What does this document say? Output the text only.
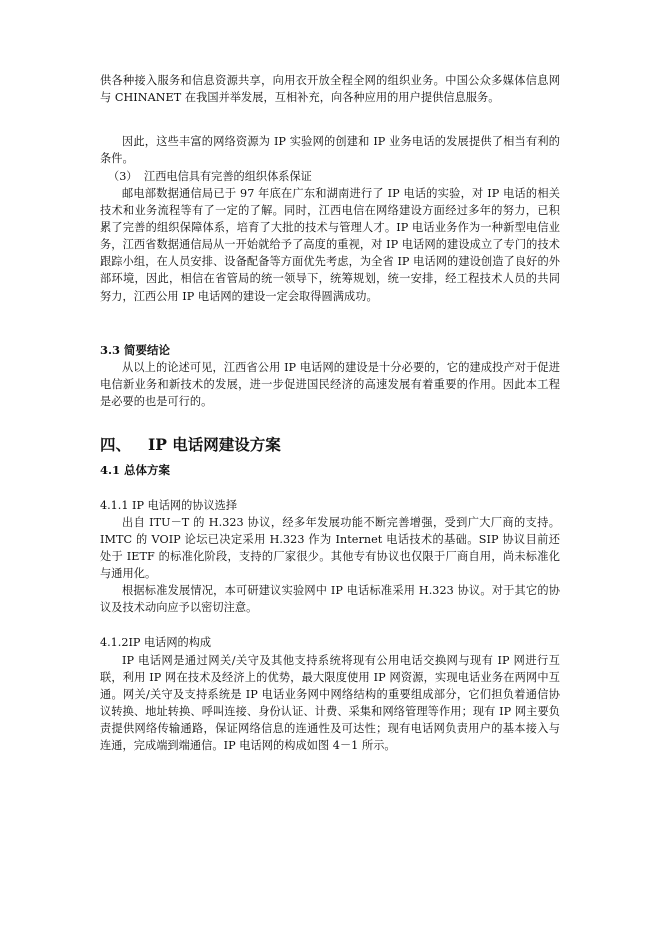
供各种接入服务和信息资源共享，向用衣开放全程全网的组织业务。中国公众多媒体信息网与 CHINANET 在我国并举发展，互相补充，向各种应用的用户提供信息服务。

因此，这些丰富的网络资源为 IP 实验网的创建和 IP 业务电话的发展提供了相当有利的条件。

（3） 江西电信具有完善的组织体系保证

邮电部数据通信局已于 97 年底在广东和湖南进行了 IP 电话的实验，对 IP 电话的相关技术和业务流程等有了一定的了解。同时，江西电信在网络建设方面经过多年的努力，已积累了完善的组织保障体系，培育了大批的技术与管理人才。IP 电话业务作为一种新型电信业务，江西省数据通信局从一开始就给予了高度的重视，对 IP 电话网的建设成立了专门的技术跟踪小组，在人员安排、设备配备等方面优先考虑，为全省 IP 电话网的建设创造了良好的外部环境，因此，相信在省管局的统一领导下，统筹规划，统一安排，经工程技术人员的共同努力，江西公用 IP 电话网的建设一定会取得圆满成功。

3.3 简要结论

从以上的论述可见，江西省公用 IP 电话网的建设是十分必要的，它的建成投产对于促进电信新业务和新技术的发展，进一步促进国民经济的高速发展有着重要的作用。因此本工程是必要的也是可行的。

四、 IP 电话网建设方案

4.1 总体方案

4.1.1 IP 电话网的协议选择

出自 ITU－T 的 H.323 协议，经多年发展功能不断完善增强，受到广大厂商的支持。IMTC 的 VOIP 论坛已决定采用 H.323 作为 Internet 电话技术的基础。SIP 协议目前还处于 IETF 的标准化阶段，支持的厂家很少。其他专有协议也仅限于厂商自用，尚未标准化与通用化。

根据标准发展情况，本可研建议实验网中 IP 电话标准采用 H.323 协议。对于其它的协议及技术动向应予以密切注意。

4.1.2IP 电话网的构成

IP 电话网是通过网关/关守及其他支持系统将现有公用电话交换网与现有 IP 网进行互联，利用 IP 网在技术及经济上的优势，最大限度使用 IP 网资源，实现电话业务在两网中互通。网关/关守及支持系统是 IP 电话业务网中网络结构的重要组成部分，它们担负着通信协议转换、地址转换、呼叫连接、身份认证、计费、采集和网络管理等作用；现有 IP 网主要负责提供网络传输通路，保证网络信息的连通性及可达性；现有电话网负责用户的基本接入与连通，完成端到端通信。IP 电话网的构成如图 4－1 所示。
